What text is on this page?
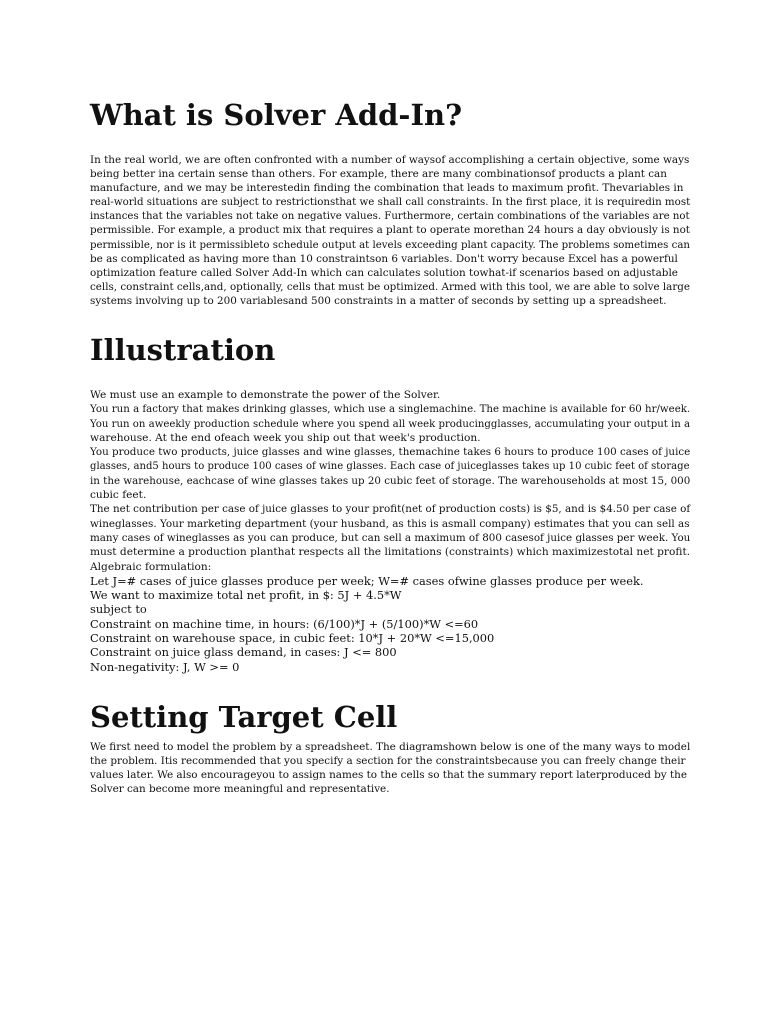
What is Solver Add-In?
In the real world, we are often confronted with a number of waysof accomplishing a certain objective, some ways
being better ina certain sense than others. For example, there are many combinationsof products a plant can
manufacture, and we may be interestedin finding the combination that leads to maximum profit. Thevariables in
real-world situations are subject to restrictionsthat we shall call constraints. In the first place, it is requiredin most
instances that the variables not take on negative values. Furthermore, certain combinations of the variables are not
permissible. For example, a product mix that requires a plant to operate morethan 24 hours a day obviously is not
permissible, nor is it permissibleto schedule output at levels exceeding plant capacity. The problems sometimes can
be as complicated as having more than 10 constraintson 6 variables. Don't worry because Excel has a powerful
optimization feature called Solver Add-In which can calculates solution towhat-if scenarios based on adjustable
cells, constraint cells,and, optionally, cells that must be optimized. Armed with this tool, we are able to solve large
systems involving up to 200 variablesand 500 constraints in a matter of seconds by setting up a spreadsheet.
Illustration
We must use an example to demonstrate the power of the Solver.
You run a factory that makes drinking glasses, which use a singlemachine. The machine is available for 60 hr/week.
You run on aweekly production schedule where you spend all week producingglasses, accumulating your output in a
warehouse. At the end ofeach week you ship out that week's production.
You produce two products, juice glasses and wine glasses, themachine takes 6 hours to produce 100 cases of juice
glasses, and5 hours to produce 100 cases of wine glasses. Each case of juiceglasses takes up 10 cubic feet of storage
in the warehouse, eachcase of wine glasses takes up 20 cubic feet of storage. The warehouseholds at most 15, 000
cubic feet.
The net contribution per case of juice glasses to your profit(net of production costs) is $5, and is $4.50 per case of
wineglasses. Your marketing department (your husband, as this is asmall company) estimates that you can sell as
many cases of wineglasses as you can produce, but can sell a maximum of 800 casesof juice glasses per week. You
must determine a production planthat respects all the limitations (constraints) which maximizestotal net profit.
Algebraic formulation:
Let J=# cases of juice glasses produce per week; W=# cases ofwine glasses produce per week.
We want to maximize total net profit, in $: 5J + 4.5*W
subject to
Constraint on machine time, in hours: (6/100)*J + (5/100)*W <=60
Constraint on warehouse space, in cubic feet: 10*J + 20*W <=15,000
Constraint on juice glass demand, in cases: J <= 800
Non-negativity: J, W >= 0
Setting Target Cell
We first need to model the problem by a spreadsheet. The diagramshown below is one of the many ways to model
the problem. Itis recommended that you specify a section for the constraintsbecause you can freely change their
values later. We also encourageyou to assign names to the cells so that the summary report laterproduced by the
Solver can become more meaningful and representative.
